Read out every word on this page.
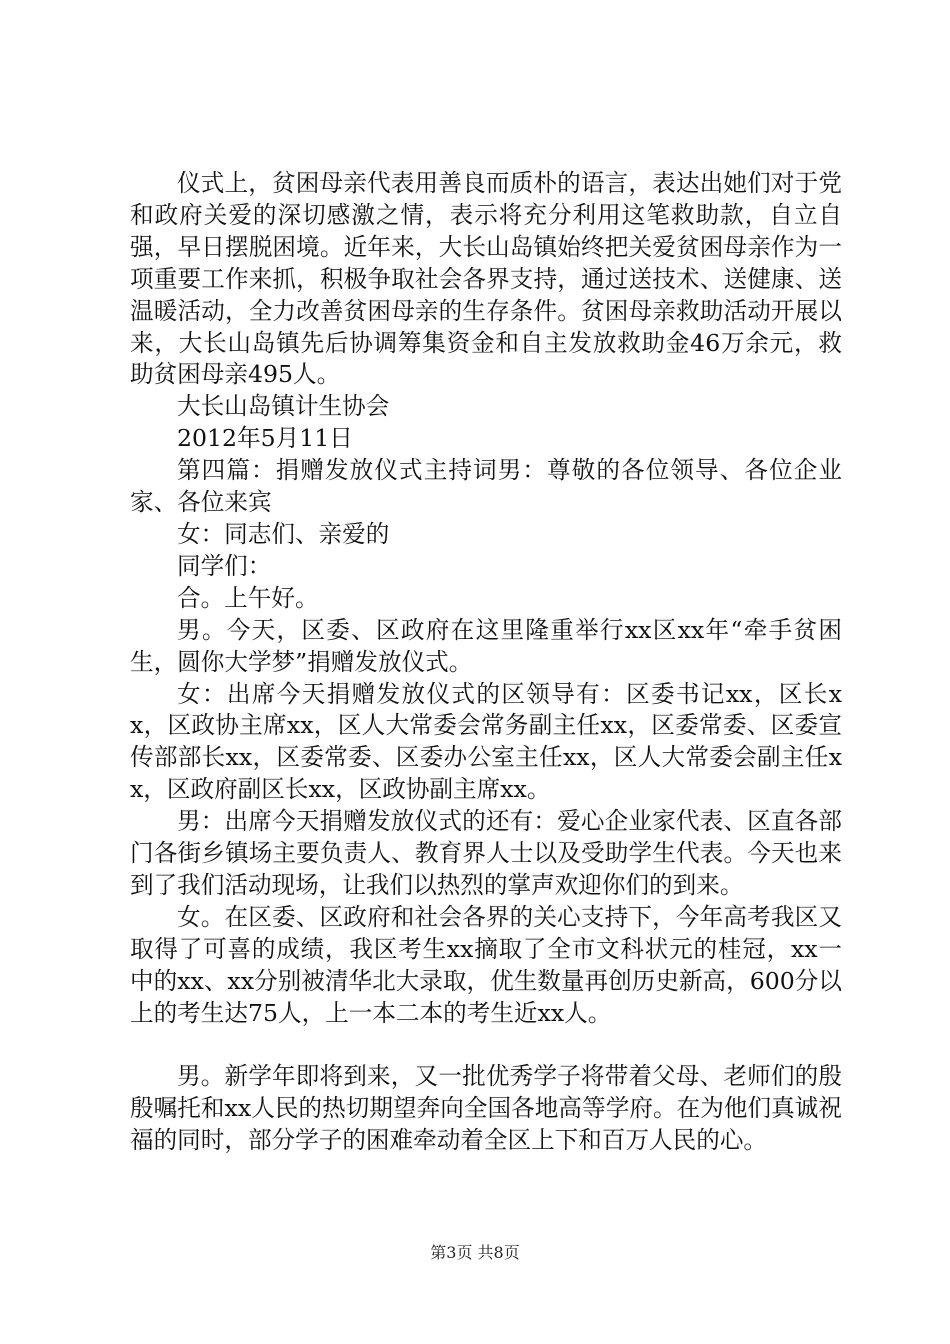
仪式上，贫困母亲代表用善良而质朴的语言，表达出她们对于党和政府关爱的深切感激之情，表示将充分利用这笔救助款，自立自强，早日摆脱困境。近年来，大长山岛镇始终把关爱贫困母亲作为一项重要工作来抓，积极争取社会各界支持，通过送技术、送健康、送温暖活动，全力改善贫困母亲的生存条件。贫困母亲救助活动开展以来，大长山岛镇先后协调筹集资金和自主发放救助金46万余元，救助贫困母亲495人。

大长山岛镇计生协会

2012年5月11日

第四篇：捐赠发放仪式主持词男：尊敬的各位领导、各位企业家、各位来宾

女：同志们、亲爱的

同学们：

合。上午好。

男。今天，区委、区政府在这里隆重举行xx区xx年“牵手贫困生，圆你大学梦”捐赠发放仪式。

女：出席今天捐赠发放仪式的区领导有：区委书记xx，区长xx，区政协主席xx，区人大常委会常务副主任xx，区委常委、区委宣传部部长xx，区委常委、区委办公室主任xx，区人大常委会副主任xx，区政府副区长xx，区政协副主席xx。

男：出席今天捐赠发放仪式的还有：爱心企业家代表、区直各部门各街乡镇场主要负责人、教育界人士以及受助学生代表。今天也来到了我们活动现场，让我们以热烈的掌声欢迎你们的到来。

女。在区委、区政府和社会各界的关心支持下，今年高考我区又取得了可喜的成绩，我区考生xx摘取了全市文科状元的桂冠，xx一中的xx、xx分别被清华北大录取，优生数量再创历史新高，600分以上的考生达75人，上一本二本的考生近xx人。

男。新学年即将到来，又一批优秀学子将带着父母、老师们的殷殷嘱托和xx人民的热切期望奔向全国各地高等学府。在为他们真诚祝福的同时，部分学子的困难牵动着全区上下和百万人民的心。

第3页 共8页
